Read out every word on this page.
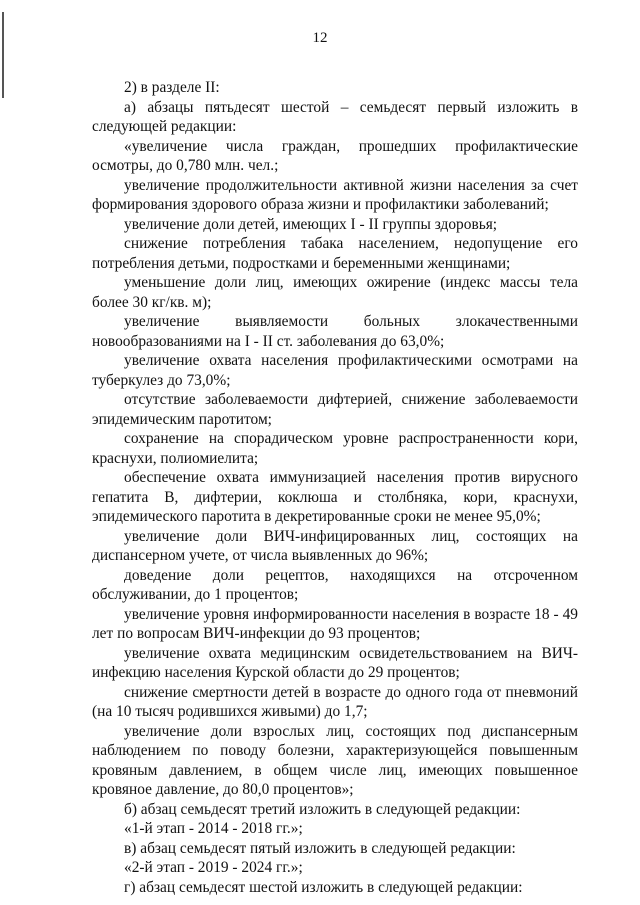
12

2) в разделе II:

а) абзацы пятьдесят шестой – семьдесят первый изложить в следующей редакции:

«увеличение числа граждан, прошедших профилактические осмотры, до 0,780 млн. чел.;

увеличение продолжительности активной жизни населения за счет формирования здорового образа жизни и профилактики заболеваний;

увеличение доли детей, имеющих I - II группы здоровья;

снижение потребления табака населением, недопущение его потребления детьми, подростками и беременными женщинами;

уменьшение доли лиц, имеющих ожирение (индекс массы тела более 30 кг/кв. м);

увеличение выявляемости больных злокачественными новообразованиями на I - II ст. заболевания до 63,0%;

увеличение охвата населения профилактическими осмотрами на туберкулез до 73,0%;

отсутствие заболеваемости дифтерией, снижение заболеваемости эпидемическим паротитом;

сохранение на спорадическом уровне распространенности кори, краснухи, полиомиелита;

обеспечение охвата иммунизацией населения против вирусного гепатита В, дифтерии, коклюша и столбняка, кори, краснухи, эпидемического паротита в декретированные сроки не менее 95,0%;

увеличение доли ВИЧ-инфицированных лиц, состоящих на диспансерном учете, от числа выявленных до 96%;

доведение доли рецептов, находящихся на отсроченном обслуживании, до 1 процентов;

увеличение уровня информированности населения в возрасте 18 - 49 лет по вопросам ВИЧ-инфекции до 93 процентов;

увеличение охвата медицинским освидетельствованием на ВИЧ-инфекцию населения Курской области до 29 процентов;

снижение смертности детей в возрасте до одного года от пневмоний (на 10 тысяч родившихся живыми) до 1,7;

увеличение доли взрослых лиц, состоящих под диспансерным наблюдением по поводу болезни, характеризующейся повышенным кровяным давлением, в общем числе лиц, имеющих повышенное кровяное давление, до 80,0 процентов»;

б) абзац семьдесят третий изложить в следующей редакции:

«1-й этап - 2014 - 2018 гг.»;

в) абзац семьдесят пятый изложить в следующей редакции:

«2-й этап - 2019 - 2024 гг.»;

г) абзац семьдесят шестой изложить в следующей редакции:
